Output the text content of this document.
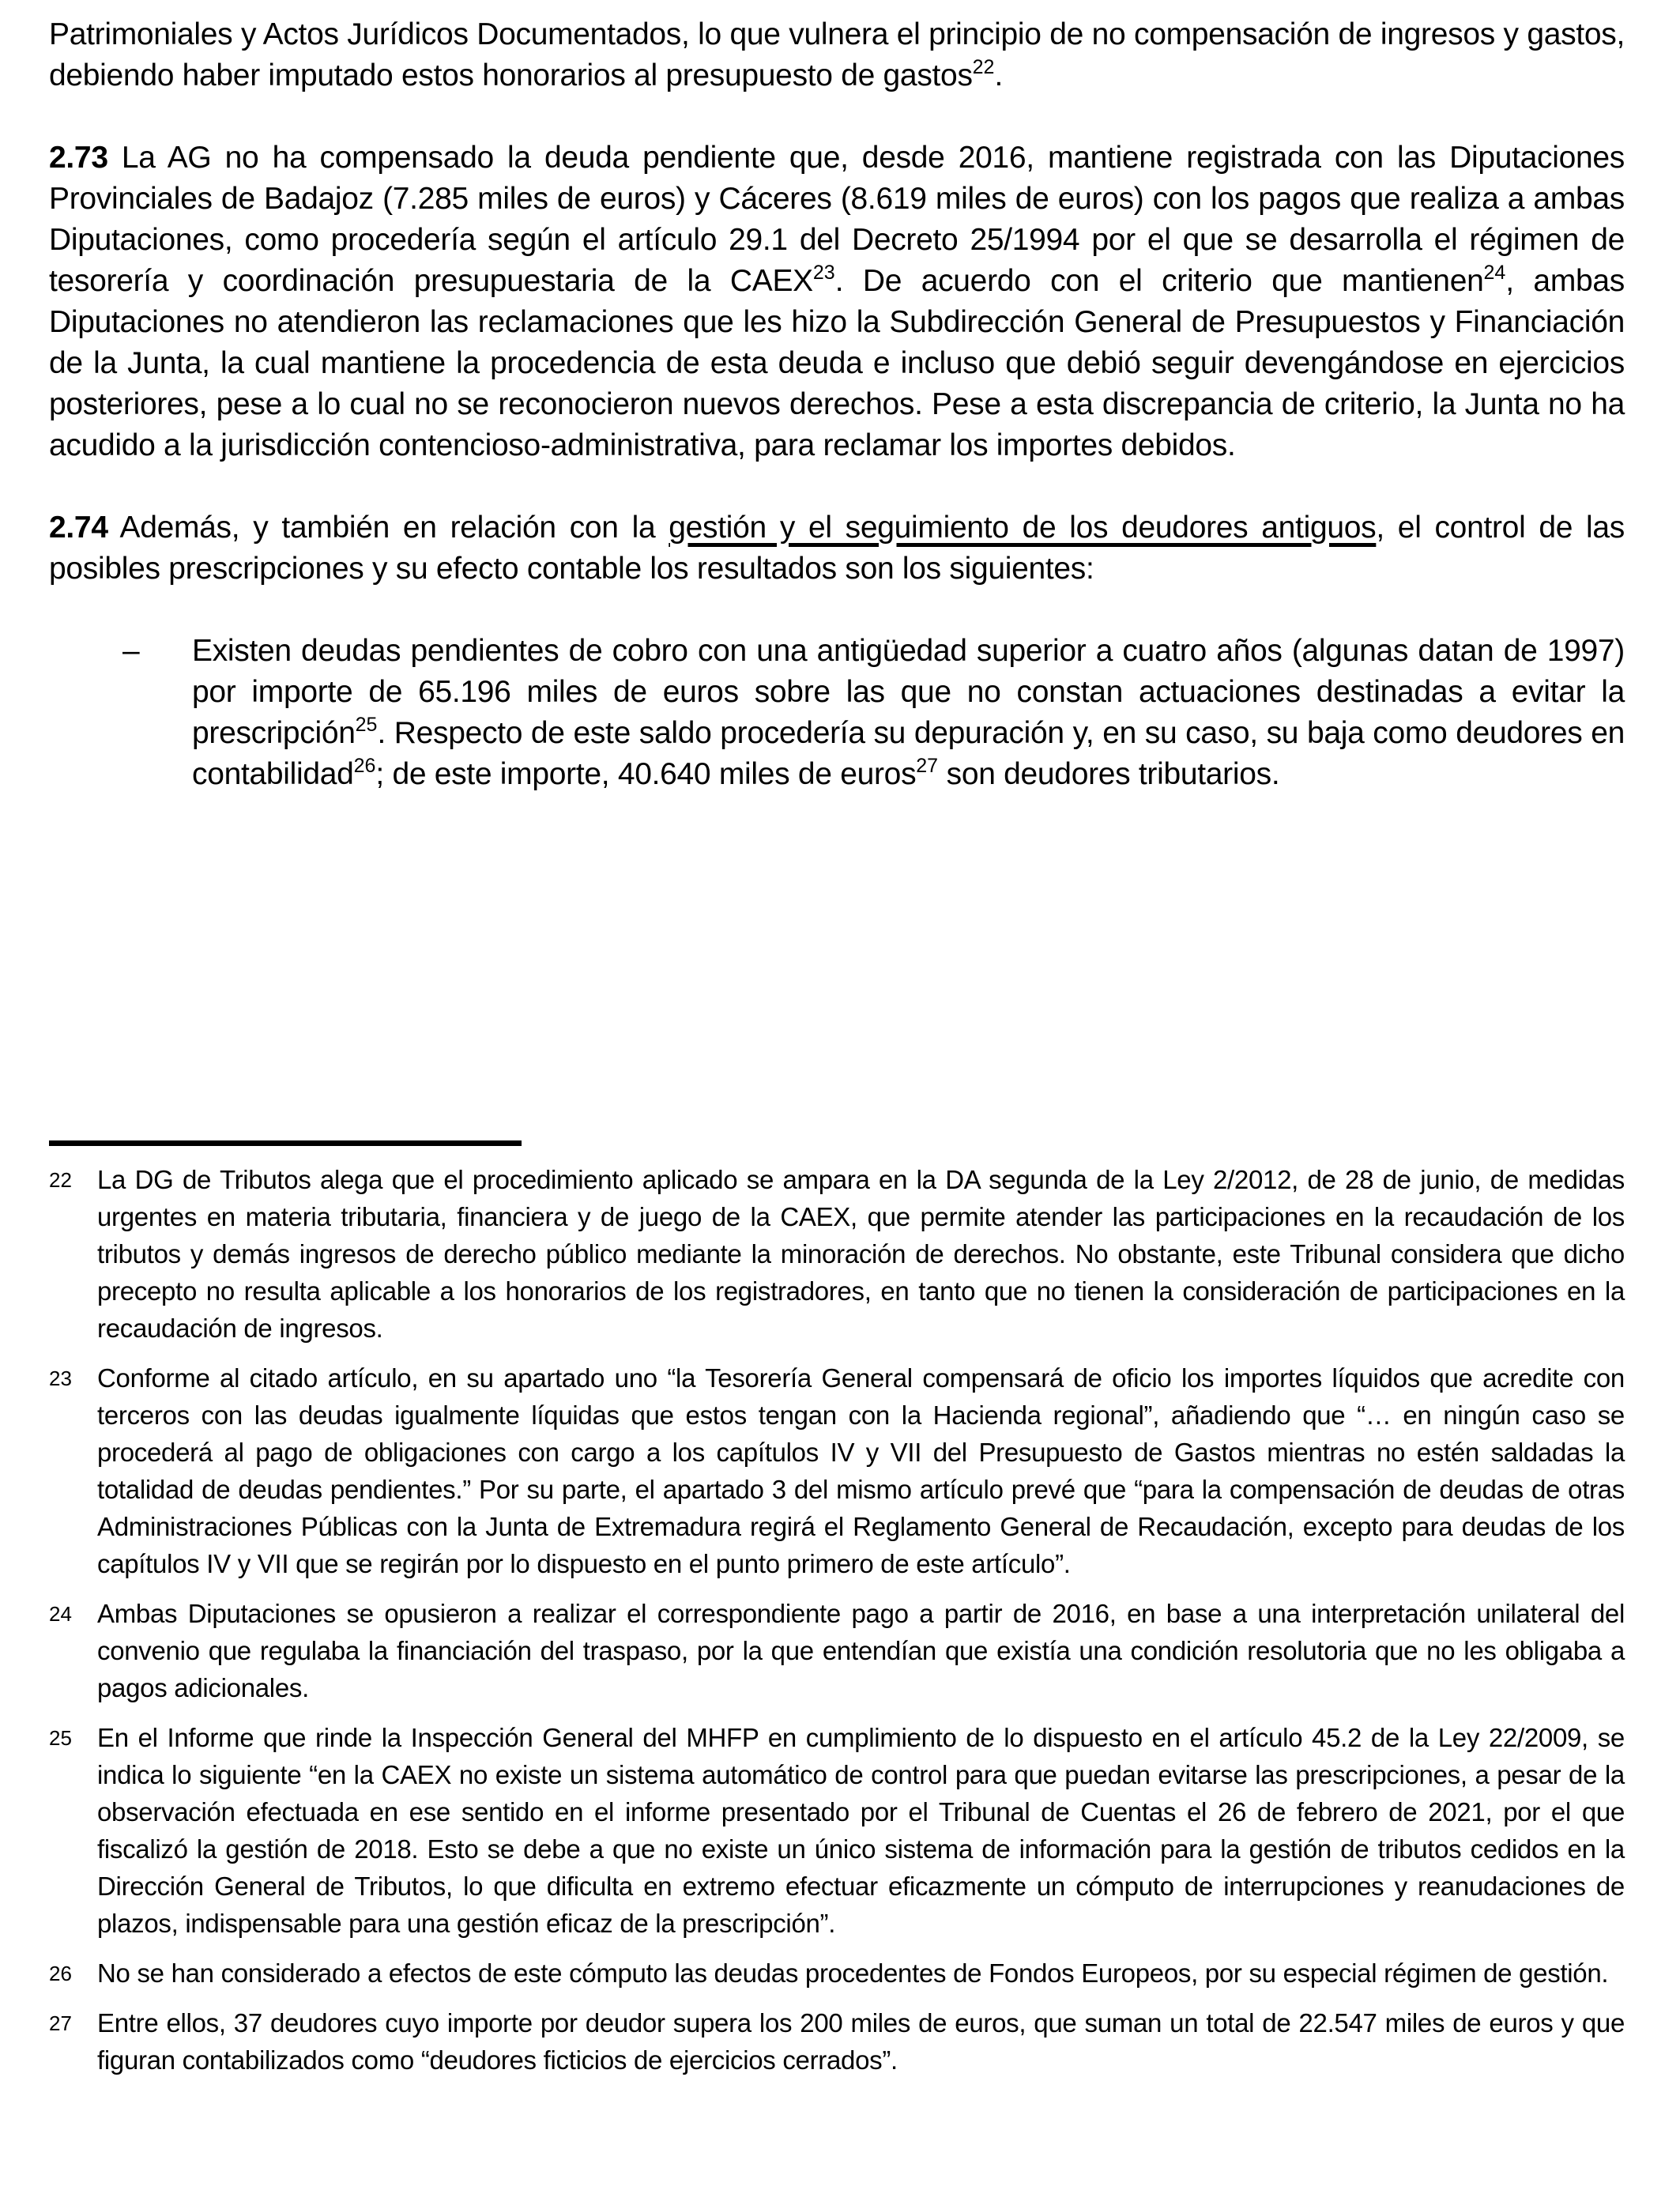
Patrimoniales y Actos Jurídicos Documentados, lo que vulnera el principio de no compensación de ingresos y gastos, debiendo haber imputado estos honorarios al presupuesto de gastos$^{22}$.

2.73 La AG no ha compensado la deuda pendiente que, desde 2016, mantiene registrada con las Diputaciones Provinciales de Badajoz (7.285 miles de euros) y Cáceres (8.619 miles de euros) con los pagos que realiza a ambas Diputaciones, como procedería según el artículo 29.1 del Decreto 25/1994 por el que se desarrolla el régimen de tesorería y coordinación presupuestaria de la CAEX$^{23}$. De acuerdo con el criterio que mantienen$^{24}$, ambas Diputaciones no atendieron las reclamaciones que les hizo la Subdirección General de Presupuestos y Financiación de la Junta, la cual mantiene la procedencia de esta deuda e incluso que debió seguir devengándose en ejercicios posteriores, pese a lo cual no se reconocieron nuevos derechos. Pese a esta discrepancia de criterio, la Junta no ha acudido a la jurisdicción contencioso-administrativa, para reclamar los importes debidos.

2.74 Además, y también en relación con la gestión y el seguimiento de los deudores antiguos, el control de las posibles prescripciones y su efecto contable los resultados son los siguientes:

–	Existen deudas pendientes de cobro con una antigüedad superior a cuatro años (algunas datan de 1997) por importe de 65.196 miles de euros sobre las que no constan actuaciones destinadas a evitar la prescripción$^{25}$. Respecto de este saldo procedería su depuración y, en su caso, su baja como deudores en contabilidad$^{26}$; de este importe, 40.640 miles de euros$^{27}$ son deudores tributarios.

22 La DG de Tributos alega que el procedimiento aplicado se ampara en la DA segunda de la Ley 2/2012, de 28 de junio, de medidas urgentes en materia tributaria, financiera y de juego de la CAEX, que permite atender las participaciones en la recaudación de los tributos y demás ingresos de derecho público mediante la minoración de derechos. No obstante, este Tribunal considera que dicho precepto no resulta aplicable a los honorarios de los registradores, en tanto que no tienen la consideración de participaciones en la recaudación de ingresos.
23 Conforme al citado artículo, en su apartado uno “la Tesorería General compensará de oficio los importes líquidos que acredite con terceros con las deudas igualmente líquidas que estos tengan con la Hacienda regional”, añadiendo que “… en ningún caso se procederá al pago de obligaciones con cargo a los capítulos IV y VII del Presupuesto de Gastos mientras no estén saldadas la totalidad de deudas pendientes.” Por su parte, el apartado 3 del mismo artículo prevé que “para la compensación de deudas de otras Administraciones Públicas con la Junta de Extremadura regirá el Reglamento General de Recaudación, excepto para deudas de los capítulos IV y VII que se regirán por lo dispuesto en el punto primero de este artículo”.
24 Ambas Diputaciones se opusieron a realizar el correspondiente pago a partir de 2016, en base a una interpretación unilateral del convenio que regulaba la financiación del traspaso, por la que entendían que existía una condición resolutoria que no les obligaba a pagos adicionales.
25 En el Informe que rinde la Inspección General del MHFP en cumplimiento de lo dispuesto en el artículo 45.2 de la Ley 22/2009, se indica lo siguiente “en la CAEX no existe un sistema automático de control para que puedan evitarse las prescripciones, a pesar de la observación efectuada en ese sentido en el informe presentado por el Tribunal de Cuentas el 26 de febrero de 2021, por el que fiscalizó la gestión de 2018. Esto se debe a que no existe un único sistema de información para la gestión de tributos cedidos en la Dirección General de Tributos, lo que dificulta en extremo efectuar eficazmente un cómputo de interrupciones y reanudaciones de plazos, indispensable para una gestión eficaz de la prescripción”.
26 No se han considerado a efectos de este cómputo las deudas procedentes de Fondos Europeos, por su especial régimen de gestión.
27 Entre ellos, 37 deudores cuyo importe por deudor supera los 200 miles de euros, que suman un total de 22.547 miles de euros y que figuran contabilizados como “deudores ficticios de ejercicios cerrados”.
